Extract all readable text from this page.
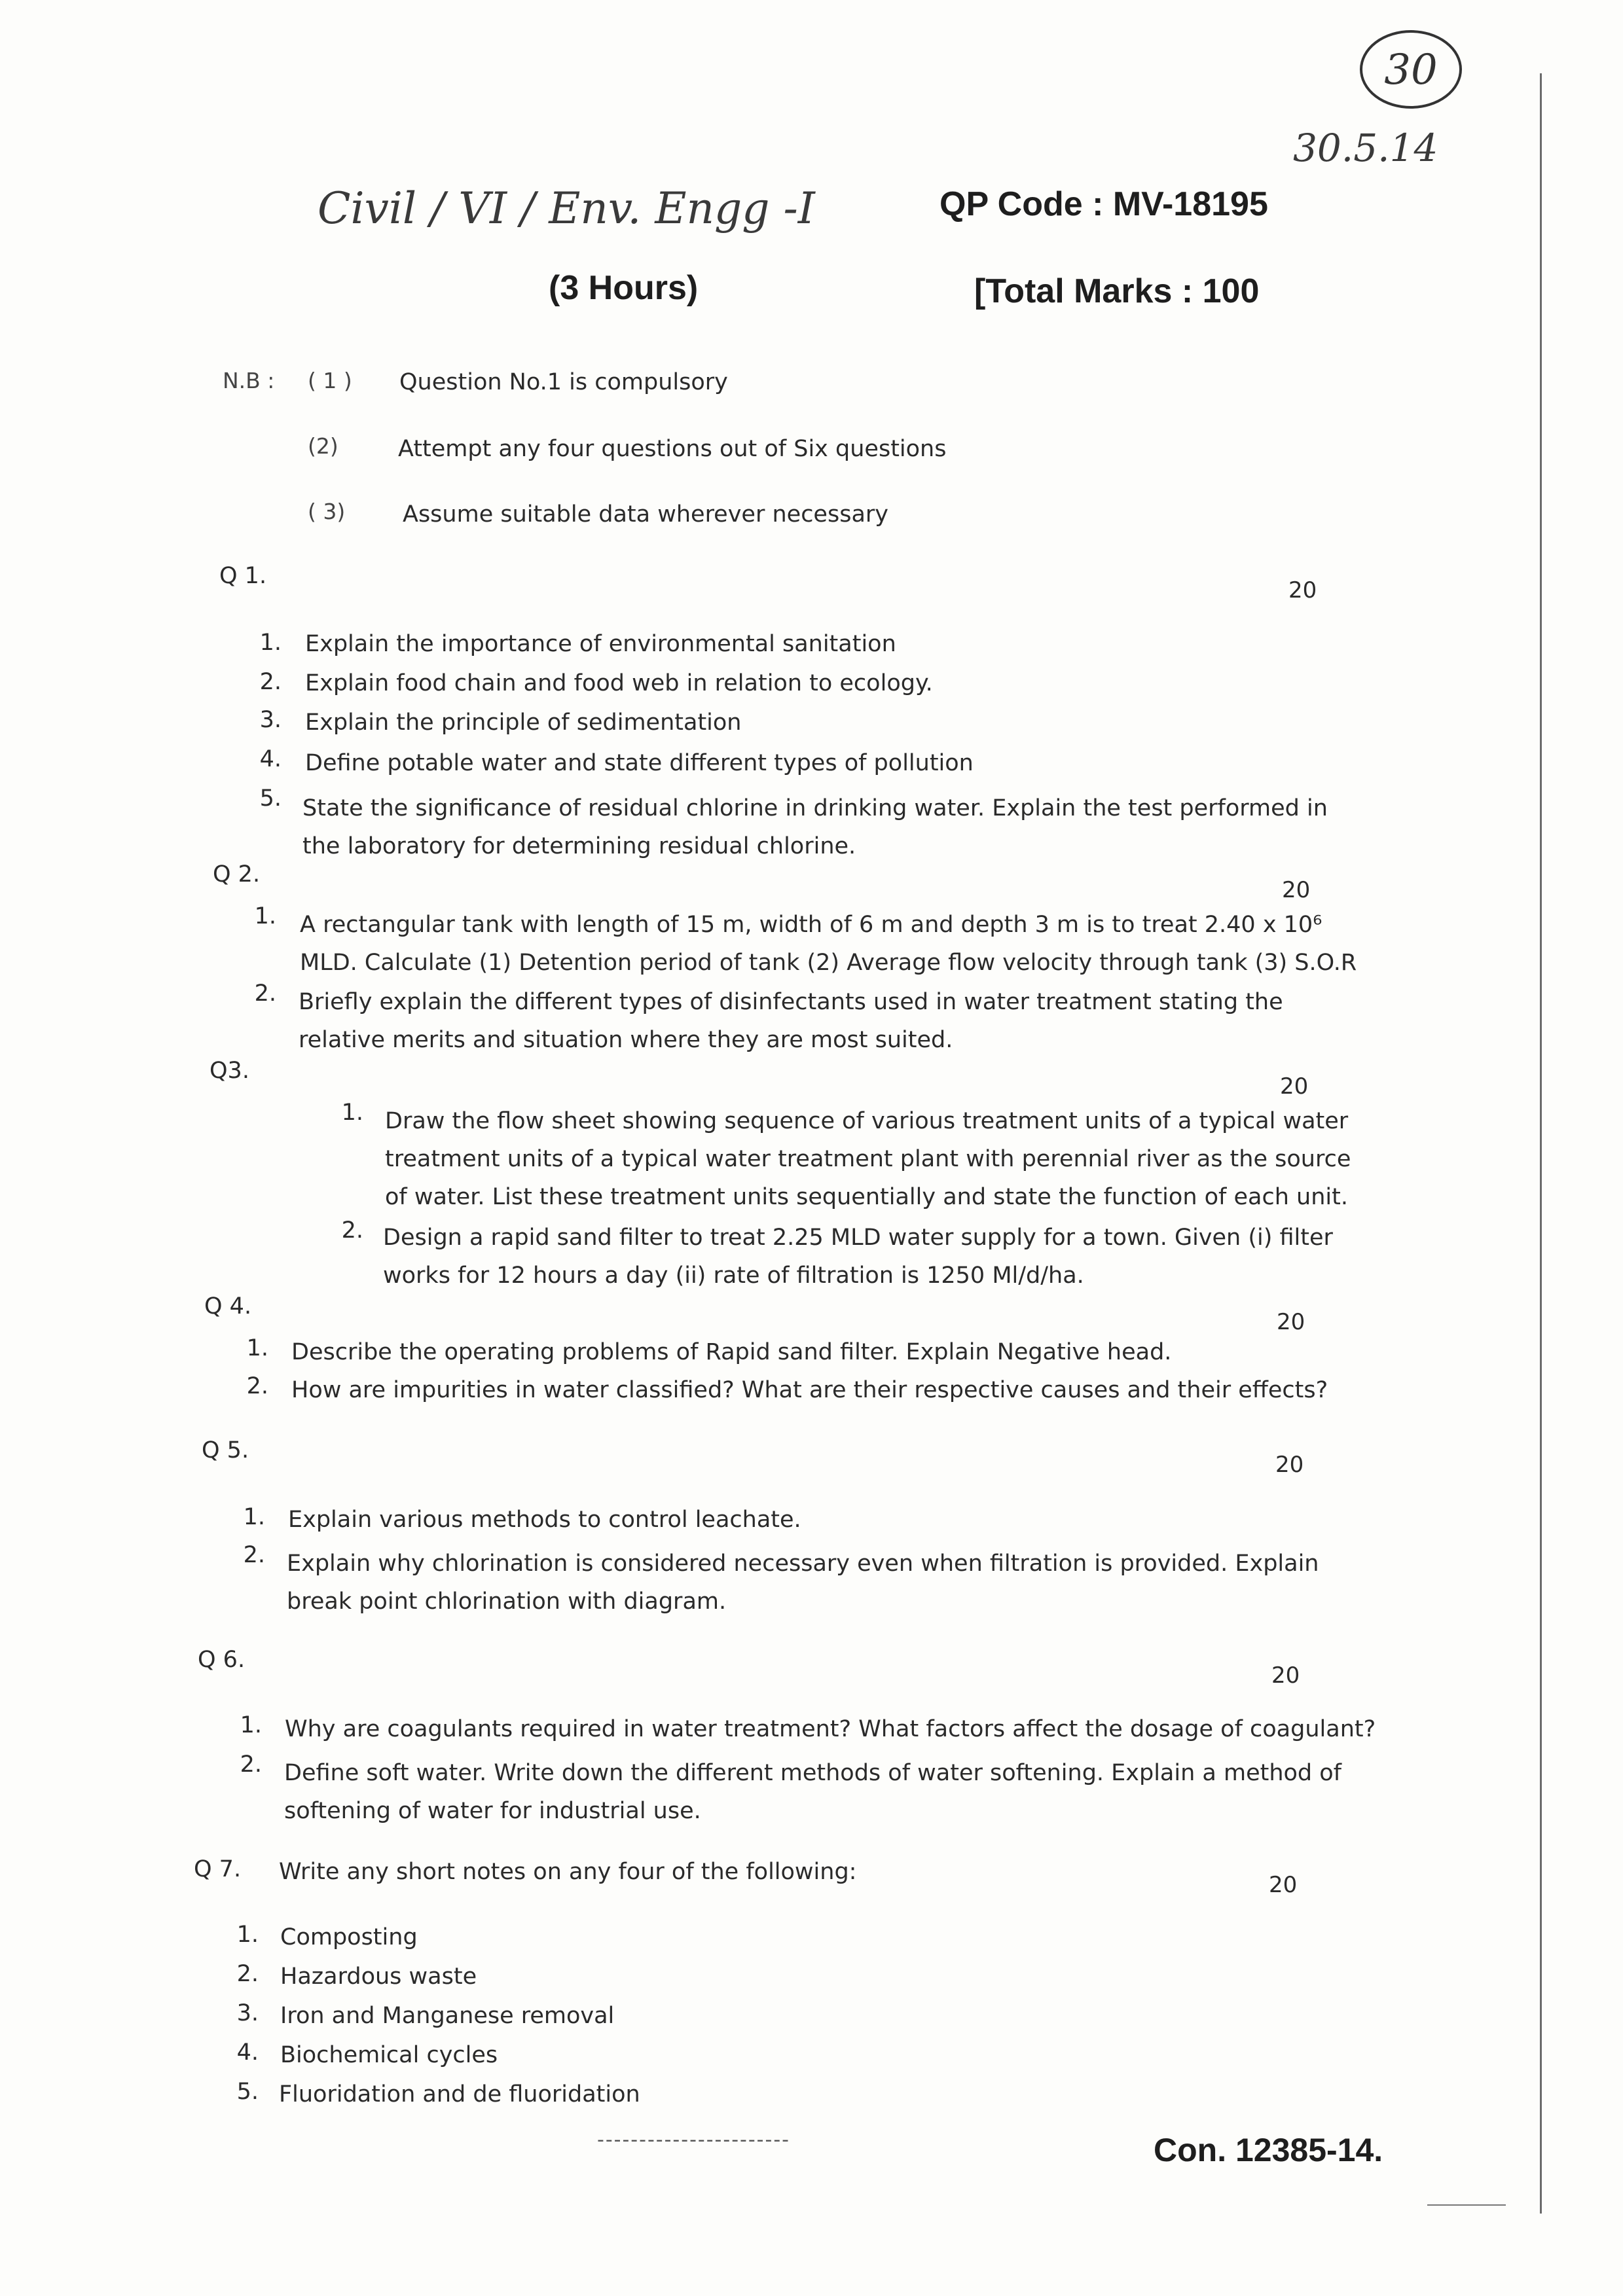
30
30.5.14
Civil / VI / Env. Engg -I	QP Code : MV-18195
(3 Hours)	[Total Marks : 100
N.B : ( 1 ) Question No.1 is compulsory
(2)	Attempt any four questions out of Six questions
( 3)	Assume suitable data wherever necessary
Q 1.
20
1. Explain the importance of environmental sanitation
2. Explain food chain and food web in relation to ecology.
3. Explain the principle of sedimentation
4. Define potable water and state different types of pollution
5. State the significance of residual chlorine in drinking water. Explain the test performed in the laboratory for determining residual chlorine.
Q 2.
20
1. A rectangular tank with length of 15 m, width of 6 m and depth 3 m is to treat 2.40 x 10⁶ MLD. Calculate (1) Detention period of tank (2) Average flow velocity through tank (3) S.O.R
2. Briefly explain the different types of disinfectants used in water treatment stating the relative merits and situation where they are most suited.
Q3.
20
1. Draw the flow sheet showing sequence of various treatment units of a typical water treatment units of a typical water treatment plant with perennial river as the source of water. List these treatment units sequentially and state the function of each unit.
2. Design a rapid sand filter to treat 2.25 MLD water supply for a town. Given (i) filter works for 12 hours a day (ii) rate of filtration is 1250 Ml/d/ha.
Q 4.
20
1. Describe the operating problems of Rapid sand filter. Explain Negative head.
2. How are impurities in water classified? What are their respective causes and their effects?
Q 5.
20
1. Explain various methods to control leachate.
2. Explain why chlorination is considered necessary even when filtration is provided. Explain break point chlorination with diagram.
Q 6.
20
1. Why are coagulants required in water treatment? What factors affect the dosage of coagulant?
2. Define soft water. Write down the different methods of water softening. Explain a method of softening of water for industrial use.
Q 7. Write any short notes on any four of the following:	20
1. Composting
2. Hazardous waste
3. Iron and Manganese removal
4. Biochemical cycles
5. Fluoridation and de fluoridation
-----------------------	Con. 12385-14.
